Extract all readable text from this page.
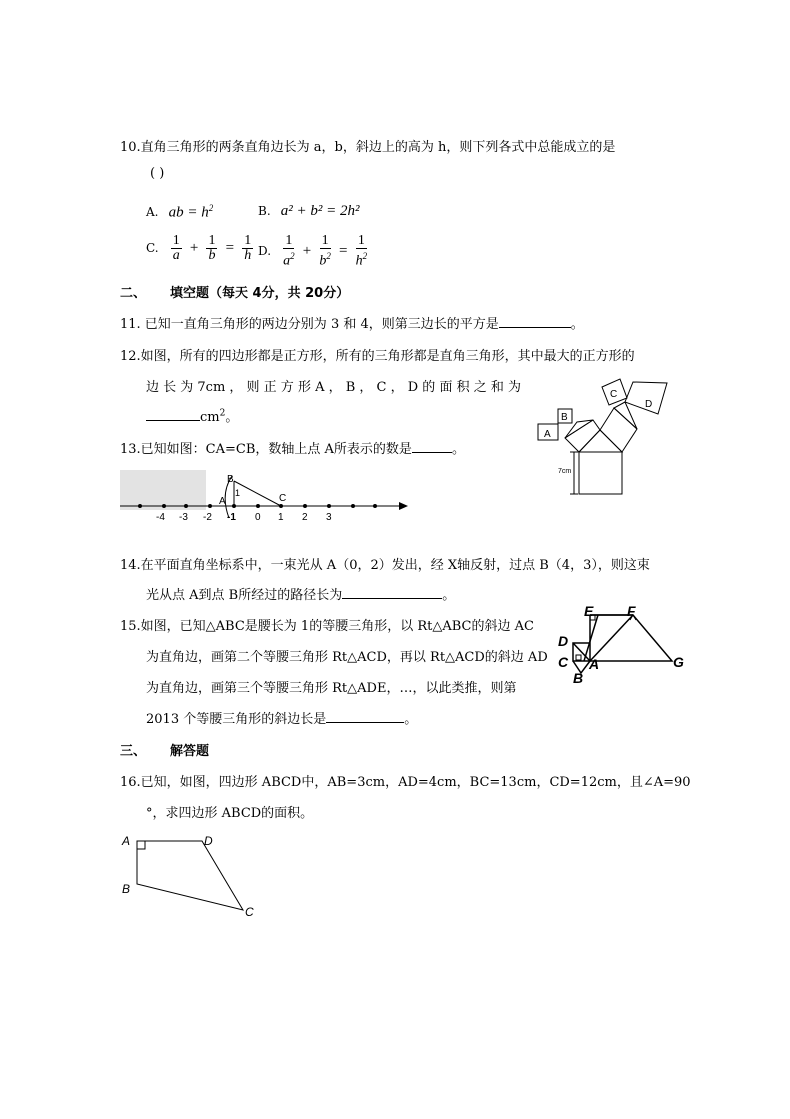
10.直角三角形的两条直角边长为 a，b，斜边上的高为 h，则下列各式中总能成立的是
( )
A. ab = $h^2$	B. a² + b² = 2h²
C. $\frac{1}{a} + \frac{1}{b} = \frac{1}{h} D$. $\frac{1}{a^2} + \frac{1}{b^2} = \frac{1}{h^2}$
二、 填空题（每天 4分，共 20分）
11. 已知一直角三角形的两边分别为 3 和 4，则第三边长的平方是	。
12.如图，所有的四边形都是正方形，所有的三角形都是直角三角形，其中最大的正方形的
边 长 为 7cm ， 则 正 方 形 A ， B ， C ， D 的 面 积 之 和 为
$cm^2$。
A
B
C
D
7cm
13.已知如图：CA=CB，数轴上点 A所表示的数是	。
A
B
C
1
-4 -3 -2 -1 0 1 2 3
14.在平面直角坐标系中，一束光从 A（0，2）发出，经 X轴反射，过点 B（4，3），则这束
光从点 A到点 B所经过的路径长为	。
15.如图，已知△ABC是腰长为 1的等腰三角形，以 Rt△ABC的斜边 AC
为直角边，画第二个等腰三角形 Rt△ACD，再以 Rt△ACD的斜边 AD
为直角边，画第三个等腰三角形 Rt△ADE，…，以此类推，则第
2013 个等腰三角形的斜边长是	。
E F
D
C A
B
G
三、 解答题
16.已知，如图，四边形 ABCD中，AB=3cm，AD=4cm，BC=13cm，CD=12cm，且∠A=90
°，求四边形 ABCD的面积。
A	D
B
C
